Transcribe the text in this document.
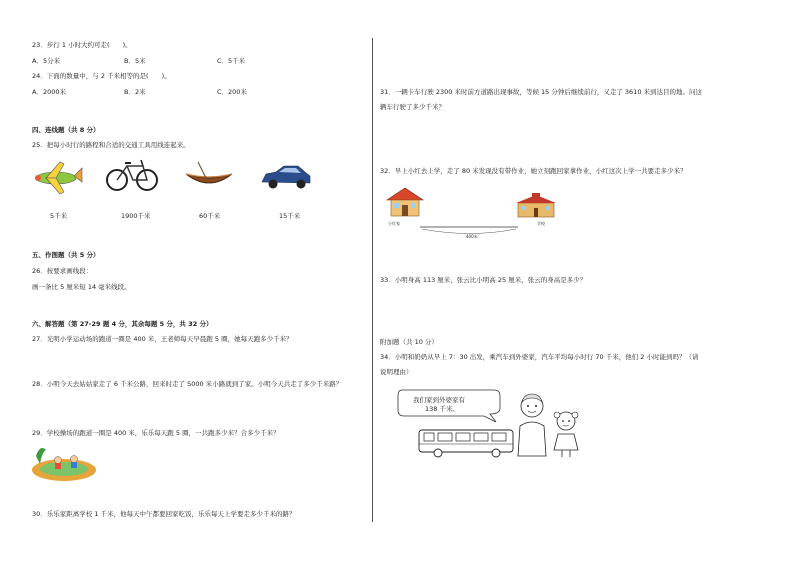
23．步行 1 小时大约可走(　　)。
A．5分米	B．5米	C．5千米
24．下面的数量中，与 2 千米相等的是(　　)。
A．2000米	B．2米	C．200米
四、连线题（共 8 分）
25．把每小时行的路程和合适的交通工具用线连起来。
5千米	1900千米	60千米	15千米
五、作图题（共 5 分）
26．按要求画线段：
画一条比 5 厘米短 14 毫米线段。
六、解答题（第 27-29 题 4 分，其余每题 5 分，共 32 分）
27．光明小学运动场的跑道一圈是 400 米，王老师每天早晨跑 5 圈，她每天跑多少千米？
28．小明今天去姑姑家走了 6 千米公路，回来时走了 5000 米小路就到了家。小明今天共走了多少千米路？
29．学校操场的跑道一圈是 400 米，乐乐每天跑 5 圈，一共跑多少米？合多少千米？
30．乐乐家距离学校 1 千米，他每天中午都要回家吃饭，乐乐每天上学要走多少千米的路？
31．一辆卡车行驶 2300 米时前方道路出现事故，等候 15 分钟后继续前行，又走了 3610 米到达目的地。问这
辆车行驶了多少千米？
32．早上小红去上学，走了 80 米发现没有带作业，她立刻跑回家拿作业，小红这次上学一共要走多少米？
小红家
400米
学校
33．小明身高 113 厘米，张云比小明高 25 厘米，张云的身高是多少？
附加题（共 10 分）
34．小明和奶奶从早上 7：30 出发，乘汽车到外婆家，汽车平均每小时行 70 千米，他们 2 小时能到吗？（请
说明理由）
我们家到外婆家有
138 千米。
